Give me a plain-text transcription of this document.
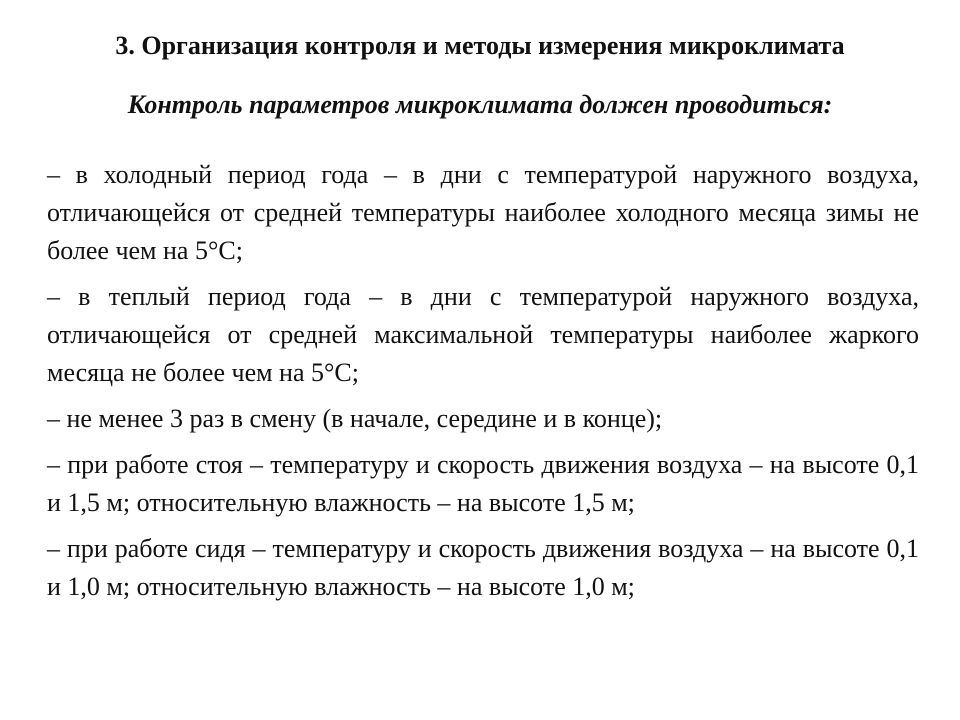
3. Организация контроля и методы измерения микроклимата
Контроль параметров микроклимата должен проводиться:
– в холодный период года – в дни с температурой наружного воздуха, отличающейся от средней температуры наиболее холодного месяца зимы не более чем на 5°С;
– в теплый период года – в дни с температурой наружного воздуха, отличающейся от средней максимальной температуры наиболее жаркого месяца не более чем на 5°С;
– не менее 3 раз в смену (в начале, середине и в конце);
– при работе стоя – температуру и скорость движения воздуха – на высоте 0,1 и 1,5 м; относительную влажность – на высоте 1,5 м;
– при работе сидя – температуру и скорость движения воздуха – на высоте 0,1 и 1,0 м; относительную влажность – на высоте 1,0 м;
